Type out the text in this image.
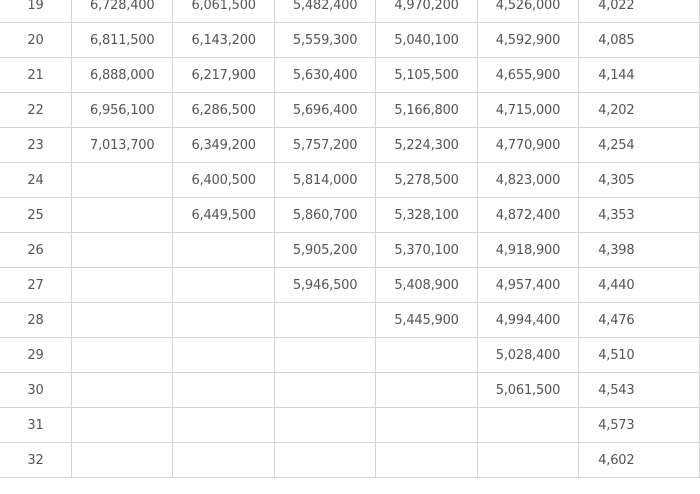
19	6,728,400	6,061,500	5,482,400	4,970,200	4,526,000	4,022
20	6,811,500	6,143,200	5,559,300	5,040,100	4,592,900	4,085
21	6,888,000	6,217,900	5,630,400	5,105,500	4,655,900	4,144
22	6,956,100	6,286,500	5,696,400	5,166,800	4,715,000	4,202
23	7,013,700	6,349,200	5,757,200	5,224,300	4,770,900	4,254
24		6,400,500	5,814,000	5,278,500	4,823,000	4,305
25		6,449,500	5,860,700	5,328,100	4,872,400	4,353
26			5,905,200	5,370,100	4,918,900	4,398
27			5,946,500	5,408,900	4,957,400	4,440
28				5,445,900	4,994,400	4,476
29					5,028,400	4,510
30					5,061,500	4,543
31						4,573
32						4,602
